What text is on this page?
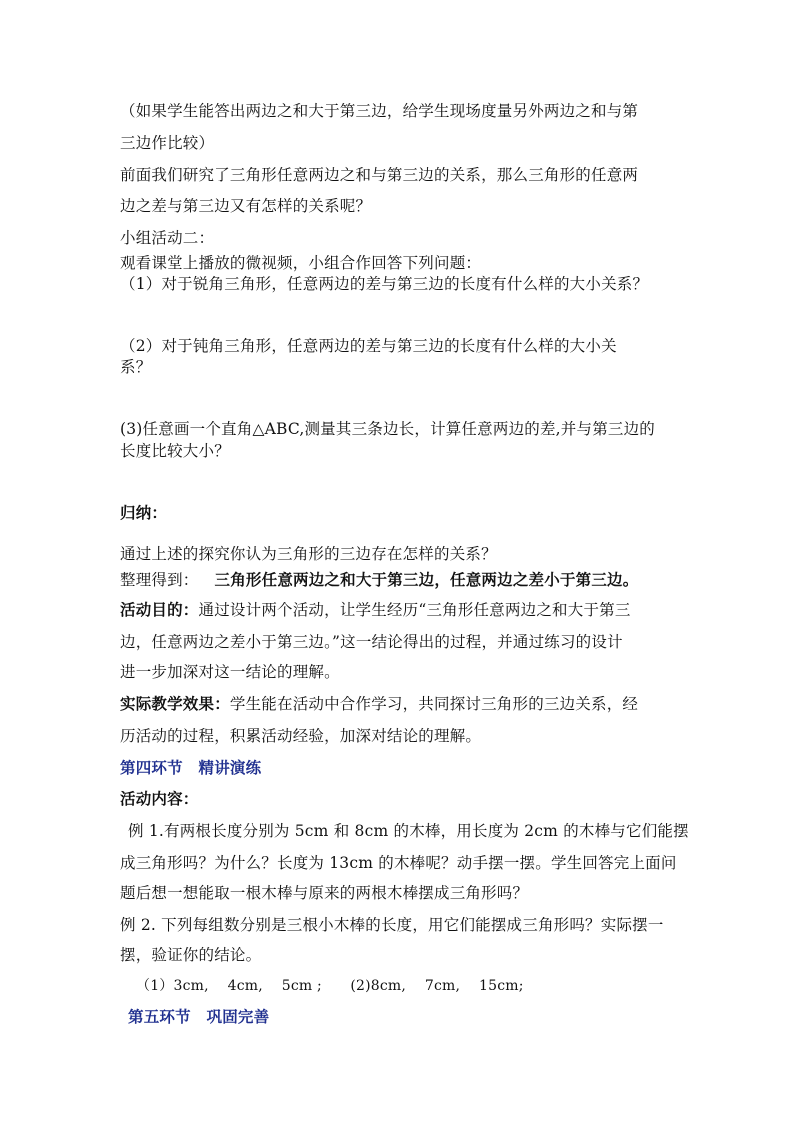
（如果学生能答出两边之和大于第三边，给学生现场度量另外两边之和与第
三边作比较）
前面我们研究了三角形任意两边之和与第三边的关系，那么三角形的任意两
边之差与第三边又有怎样的关系呢？
小组活动二：
观看课堂上播放的微视频，小组合作回答下列问题：
（1）对于锐角三角形，任意两边的差与第三边的长度有什么样的大小关系？
（2）对于钝角三角形，任意两边的差与第三边的长度有什么样的大小关
系？
(3)任意画一个直角△ABC,测量其三条边长，计算任意两边的差,并与第三边的
长度比较大小？
归纳：
通过上述的探究你认为三角形的三边存在怎样的关系？
整理得到： 三角形任意两边之和大于第三边，任意两边之差小于第三边。
活动目的：通过设计两个活动，让学生经历“三角形任意两边之和大于第三
边，任意两边之差小于第三边。”这一结论得出的过程，并通过练习的设计
进一步加深对这一结论的理解。
实际教学效果：学生能在活动中合作学习，共同探讨三角形的三边关系，经
历活动的过程，积累活动经验，加深对结论的理解。
第四环节　精讲演练
活动内容：
例 1.有两根长度分别为 5cm 和 8cm 的木棒，用长度为 2cm 的木棒与它们能摆
成三角形吗？为什么？长度为 13cm 的木棒呢？动手摆一摆。学生回答完上面问
题后想一想能取一根木棒与原来的两根木棒摆成三角形吗？
例 2. 下列每组数分别是三根小木棒的长度，用它们能摆成三角形吗？实际摆一
摆，验证你的结论。
（1）3cm,　 4cm,　 5cm ;　　(2)8cm,　 7cm,　 15cm;
第五环节　巩固完善
